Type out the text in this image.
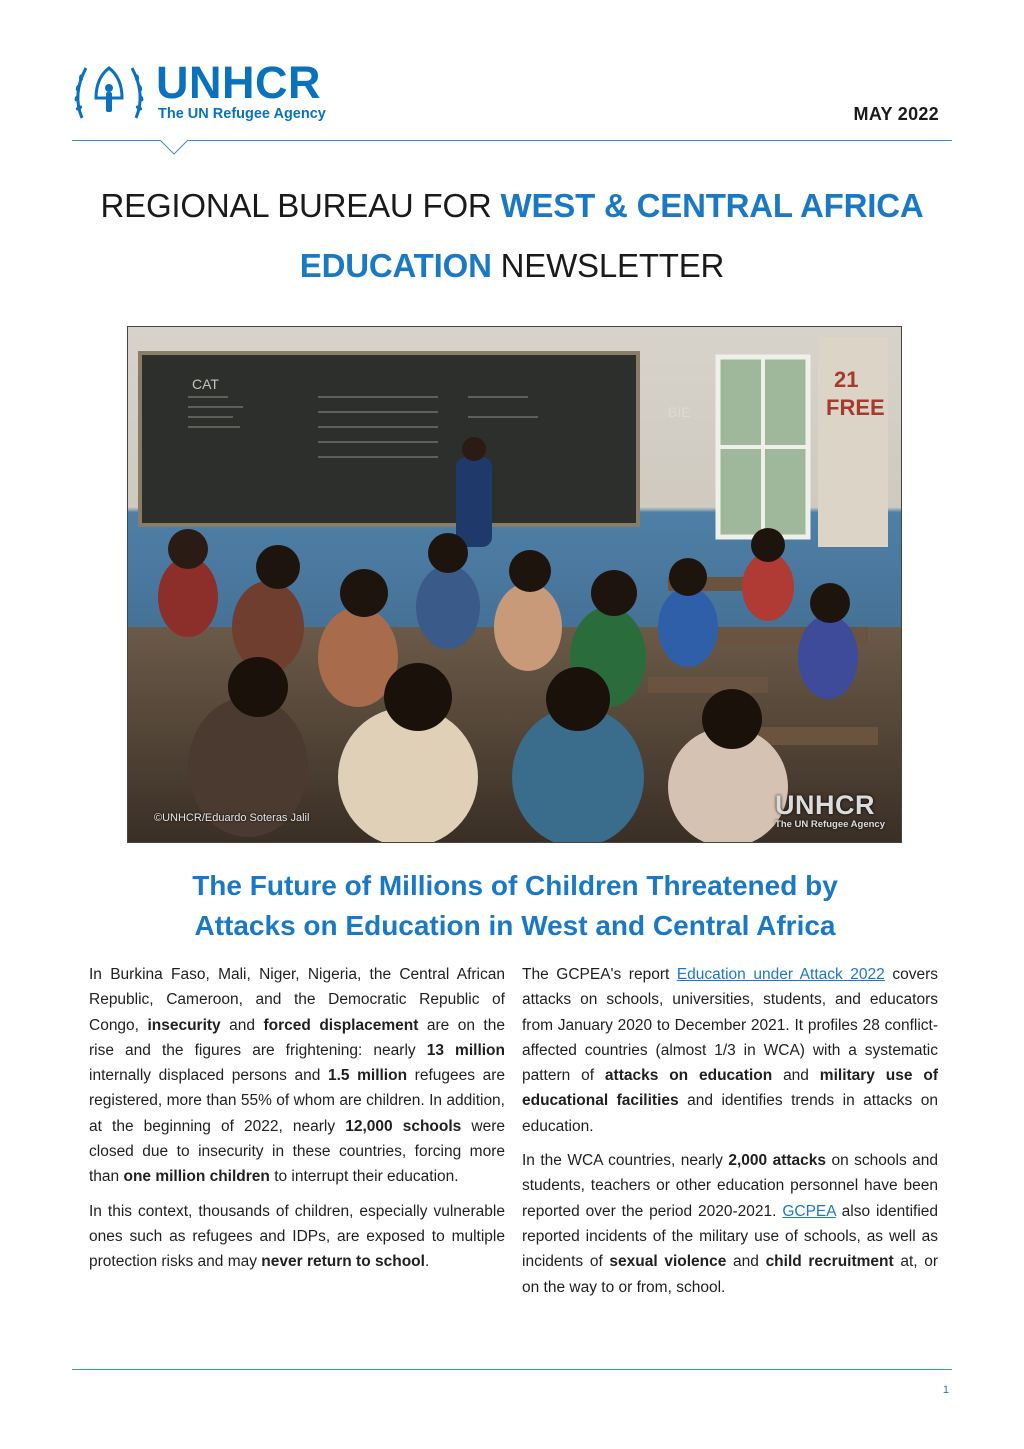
UNHCR
The UN Refugee Agency	MAY 2022
REGIONAL BUREAU FOR WEST & CENTRAL AFRICA
EDUCATION NEWSLETTER
CAT
BIE
21
FREE
©UNHCR/Eduardo Soteras Jalil	UNHCR
The UN Refugee Agency
The Future of Millions of Children Threatened by
Attacks on Education in West and Central Africa

In Burkina Faso, Mali, Niger, Nigeria, the Central African Republic, Cameroon, and the Democratic Republic of Congo, insecurity and forced displacement are on the rise and the figures are frightening: nearly 13 million internally displaced persons and 1.5 million refugees are registered, more than 55% of whom are children. In addition, at the beginning of 2022, nearly 12,000 schools were closed due to insecurity in these countries, forcing more than one million children to interrupt their education.

In this context, thousands of children, especially vulnerable ones such as refugees and IDPs, are exposed to multiple protection risks and may never return to school.

The GCPEA's report Education under Attack 2022 covers attacks on schools, universities, students, and educators from January 2020 to December 2021. It profiles 28 conflict-affected countries (almost 1/3 in WCA) with a systematic pattern of attacks on education and military use of educational facilities and identifies trends in attacks on education.

In the WCA countries, nearly 2,000 attacks on schools and students, teachers or other education personnel have been reported over the period 2020-2021. GCPEA also identified reported incidents of the military use of schools, as well as incidents of sexual violence and child recruitment at, or on the way to or from, school.

1
